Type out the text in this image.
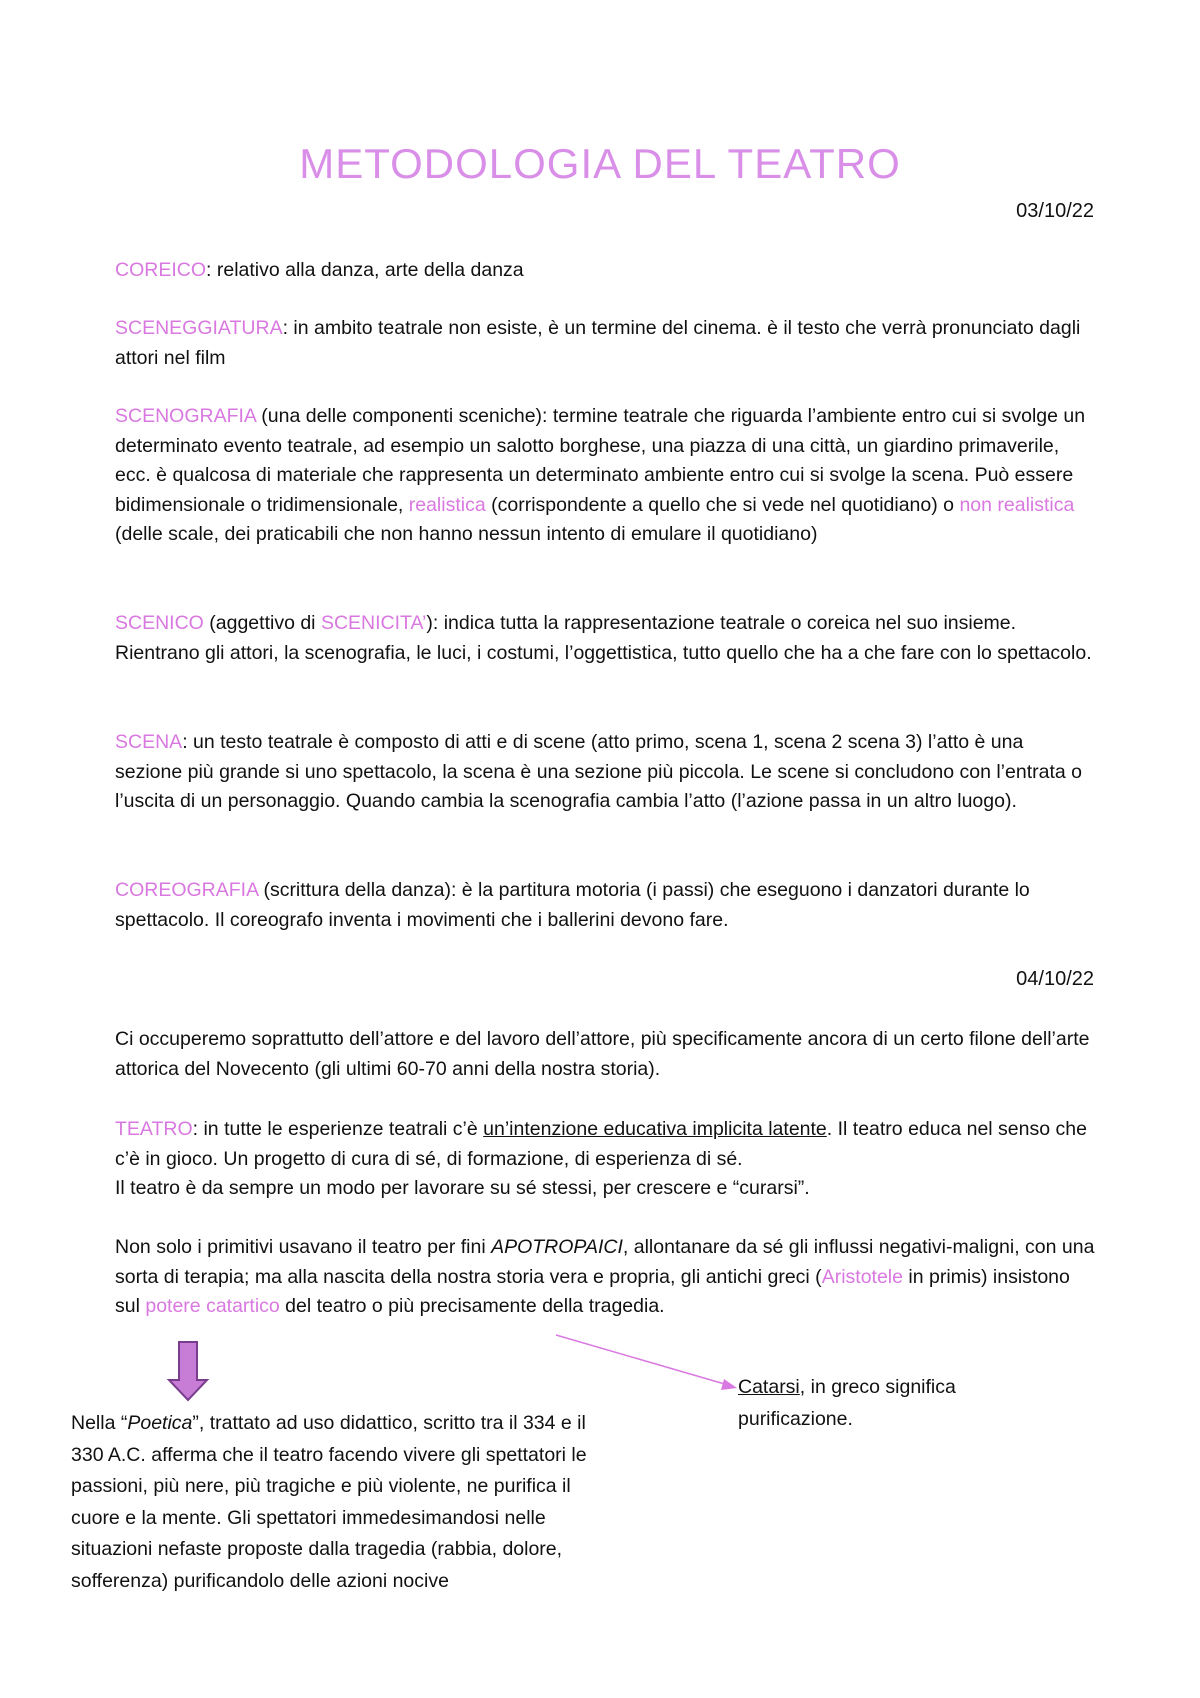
METODOLOGIA DEL TEATRO
03/10/22

COREICO: relativo alla danza, arte della danza

SCENEGGIATURA: in ambito teatrale non esiste, è un termine del cinema. è il testo che verrà pronunciato dagli attori nel film

SCENOGRAFIA (una delle componenti sceniche): termine teatrale che riguarda l’ambiente entro cui si svolge un determinato evento teatrale, ad esempio un salotto borghese, una piazza di una città, un giardino primaverile, ecc. è qualcosa di materiale che rappresenta un determinato ambiente entro cui si svolge la scena. Può essere bidimensionale o tridimensionale, realistica (corrispondente a quello che si vede nel quotidiano) o non realistica (delle scale, dei praticabili che non hanno nessun intento di emulare il quotidiano)

SCENICO (aggettivo di SCENICITA’): indica tutta la rappresentazione teatrale o coreica nel suo insieme. Rientrano gli attori, la scenografia, le luci, i costumi, l’oggettistica, tutto quello che ha a che fare con lo spettacolo.

SCENA: un testo teatrale è composto di atti e di scene (atto primo, scena 1, scena 2 scena 3) l’atto è una sezione più grande si uno spettacolo, la scena è una sezione più piccola. Le scene si concludono con l’entrata o l’uscita di un personaggio. Quando cambia la scenografia cambia l’atto (l’azione passa in un altro luogo).

COREOGRAFIA (scrittura della danza): è la partitura motoria (i passi) che eseguono i danzatori durante lo spettacolo. Il coreografo inventa i movimenti che i ballerini devono fare.

04/10/22

Ci occuperemo soprattutto dell’attore e del lavoro dell’attore, più specificamente ancora di un certo filone dell’arte attorica del Novecento (gli ultimi 60-70 anni della nostra storia).

TEATRO: in tutte le esperienze teatrali c’è un’intenzione educativa implicita latente. Il teatro educa nel senso che c’è in gioco. Un progetto di cura di sé, di formazione, di esperienza di sé.
Il teatro è da sempre un modo per lavorare su sé stessi, per crescere e “curarsi”.

Non solo i primitivi usavano il teatro per fini APOTROPAICI, allontanare da sé gli influssi negativi-maligni, con una sorta di terapia; ma alla nascita della nostra storia vera e propria, gli antichi greci (Aristotele in primis) insistono sul potere catartico del teatro o più precisamente della tragedia.

Nella “Poetica”, trattato ad uso didattico, scritto tra il 334 e il 330 A.C. afferma che il teatro facendo vivere gli spettatori le passioni, più nere, più tragiche e più violente, ne purifica il cuore e la mente. Gli spettatori immedesimandosi nelle situazioni nefaste proposte dalla tragedia (rabbia, dolore, sofferenza) purificandolo delle azioni nocive

Catarsi, in greco significa purificazione.
